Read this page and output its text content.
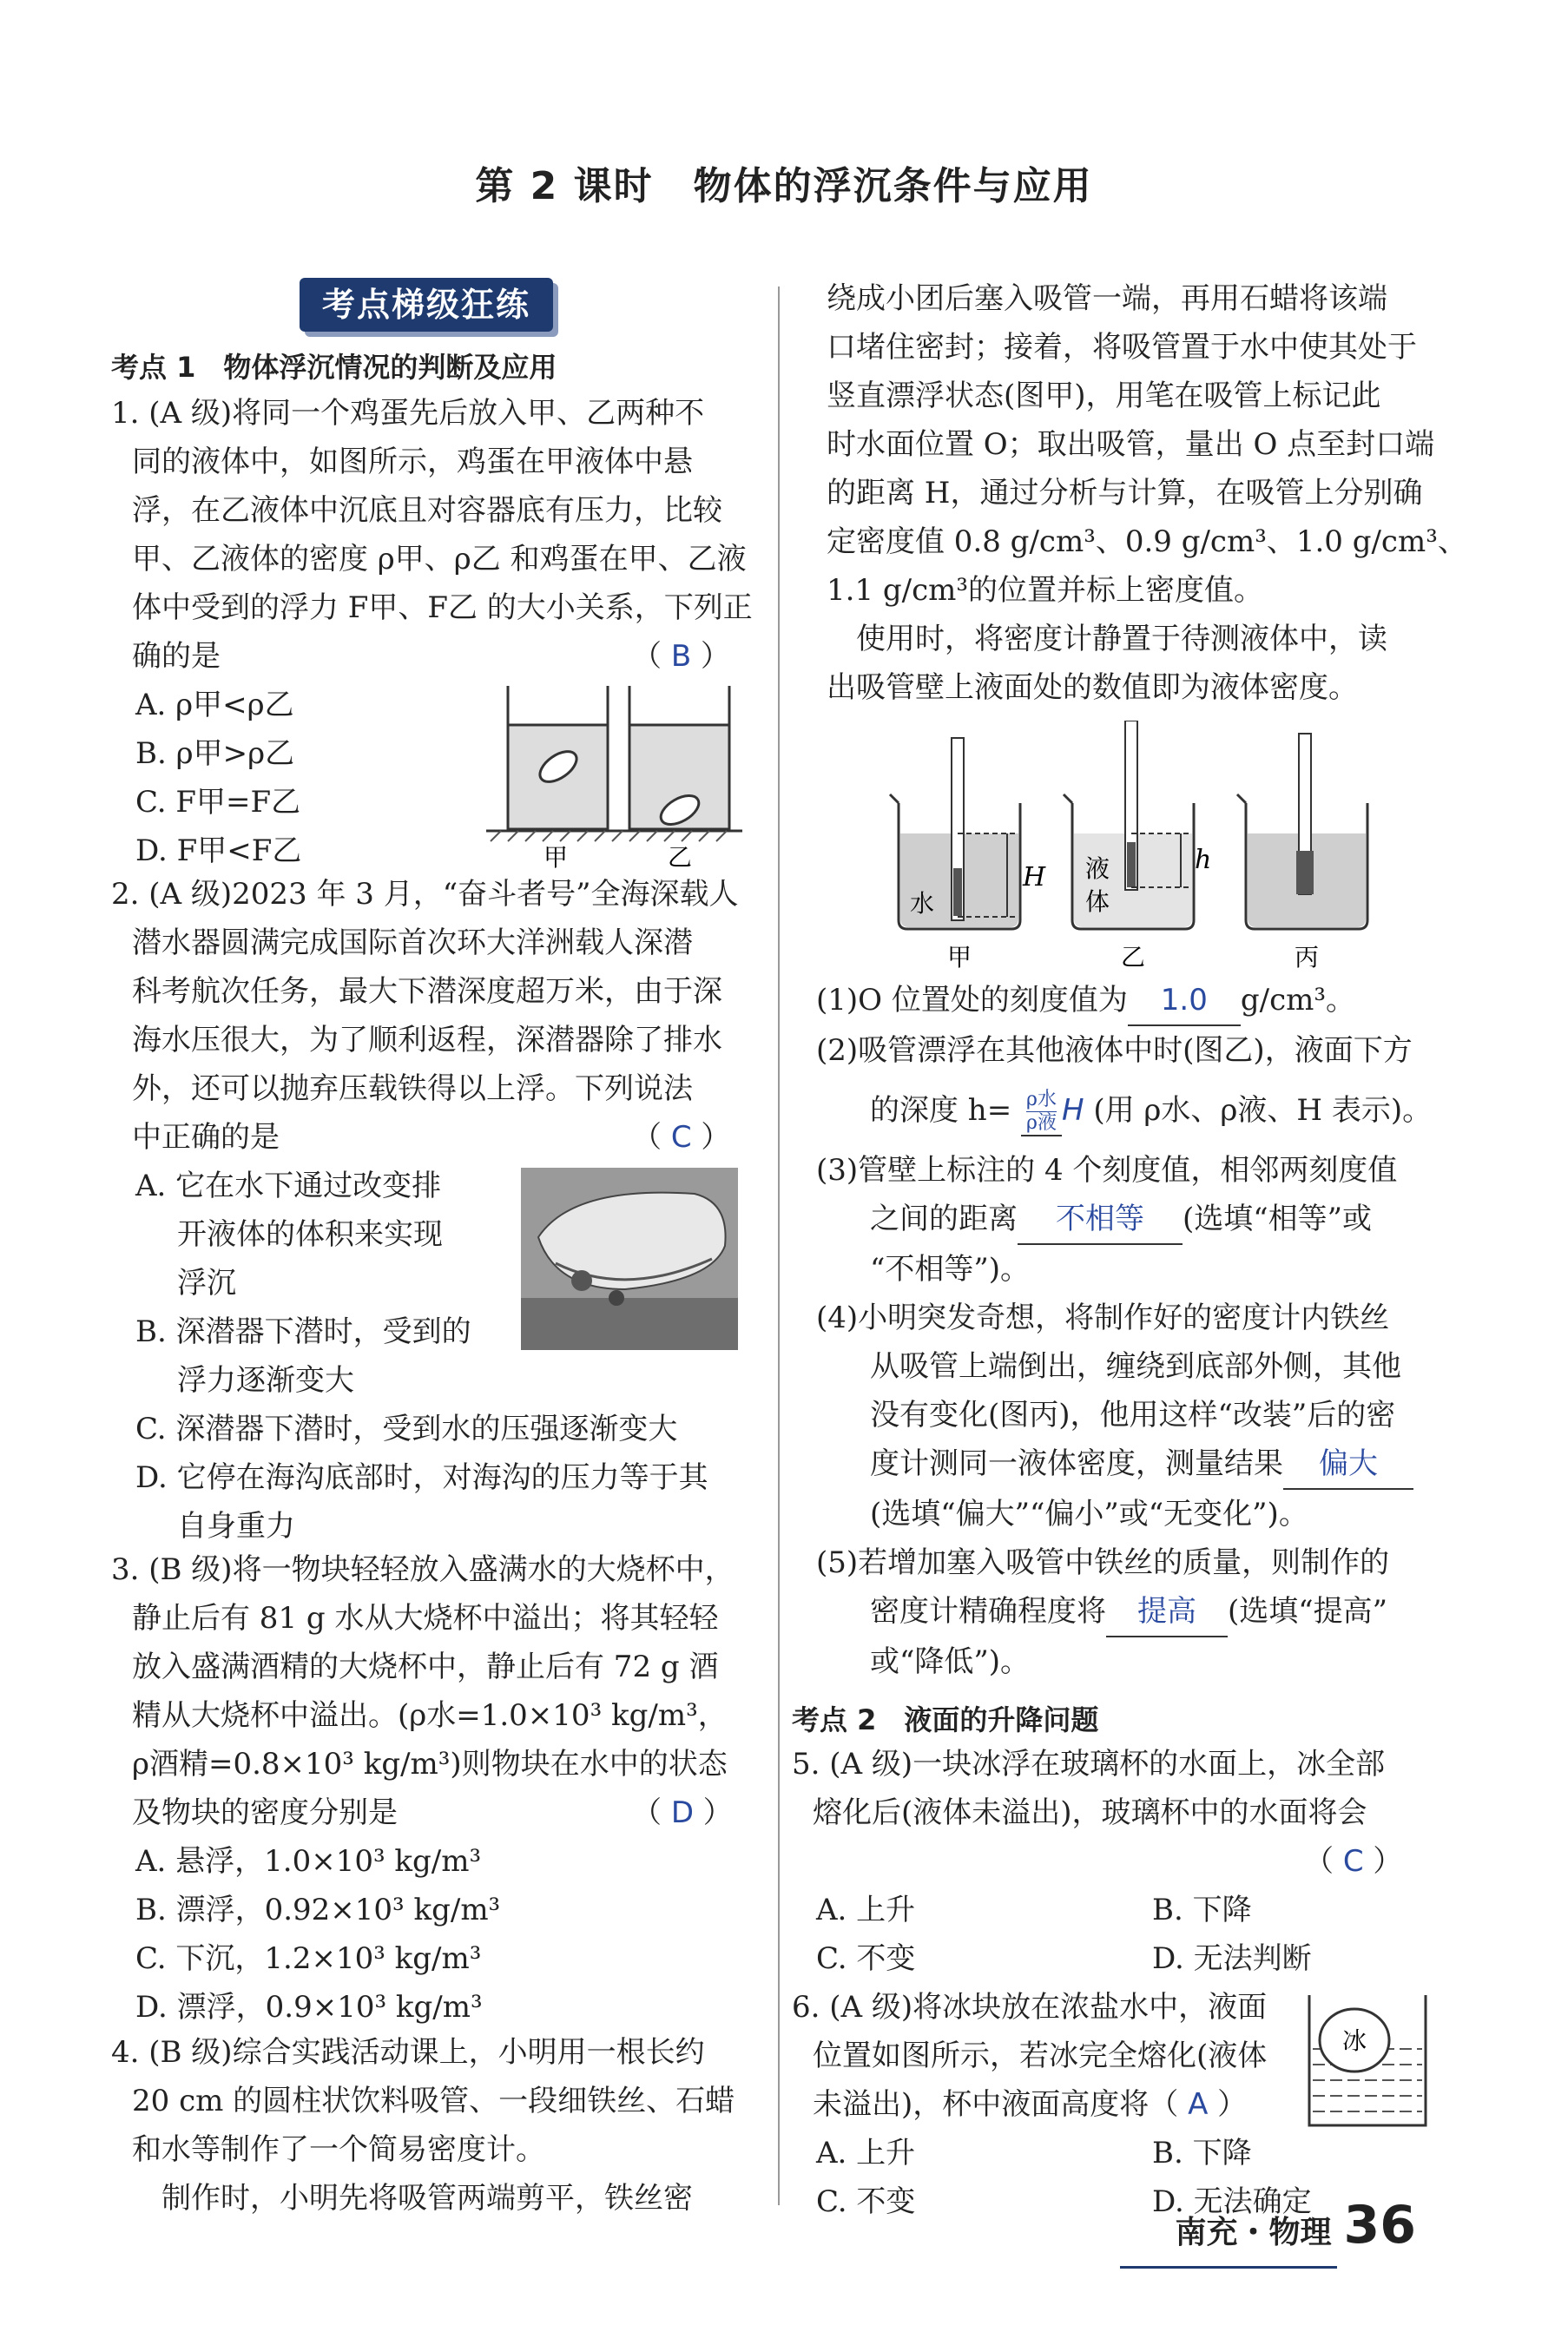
第 2 课时　物体的浮沉条件与应用
考点梯级狂练
考点 1　物体浮沉情况的判断及应用
1. (A 级)将同一个鸡蛋先后放入甲、乙两种不
同的液体中，如图所示，鸡蛋在甲液体中悬
浮，在乙液体中沉底且对容器底有压力，比较
甲、乙液体的密度 ρ甲、ρ乙 和鸡蛋在甲、乙液
体中受到的浮力 F甲、F乙 的大小关系，下列正
确的是	（ B ）
A. ρ甲<ρ乙
B. ρ甲>ρ乙
C. F甲=F乙
D. F甲<F乙	甲	乙
2. (A 级)2023 年 3 月，“奋斗者号”全海深载人
潜水器圆满完成国际首次环大洋洲载人深潜
科考航次任务，最大下潜深度超万米，由于深
海水压很大，为了顺利返程，深潜器除了排水
外，还可以抛弃压载铁得以上浮。下列说法
中正确的是	（ C ）
A. 它在水下通过改变排
开液体的体积来实现
浮沉
B. 深潜器下潜时，受到的
浮力逐渐变大
C. 深潜器下潜时，受到水的压强逐渐变大
D. 它停在海沟底部时，对海沟的压力等于其
自身重力
3. (B 级)将一物块轻轻放入盛满水的大烧杯中，
静止后有 81 g 水从大烧杯中溢出；将其轻轻
放入盛满酒精的大烧杯中，静止后有 72 g 酒
精从大烧杯中溢出。(ρ水=1.0×10³ kg/m³，
ρ酒精=0.8×10³ kg/m³)则物块在水中的状态
及物块的密度分别是	（ D ）
A. 悬浮，1.0×10³ kg/m³
B. 漂浮，0.92×10³ kg/m³
C. 下沉，1.2×10³ kg/m³
D. 漂浮，0.9×10³ kg/m³
4. (B 级)综合实践活动课上，小明用一根长约
20 cm 的圆柱状饮料吸管、一段细铁丝、石蜡
和水等制作了一个简易密度计。
　制作时，小明先将吸管两端剪平，铁丝密
绕成小团后塞入吸管一端，再用石蜡将该端
口堵住密封；接着，将吸管置于水中使其处于
竖直漂浮状态(图甲)，用笔在吸管上标记此
时水面位置 O；取出吸管，量出 O 点至封口端
的距离 H，通过分析与计算，在吸管上分别确
定密度值 0.8 g/cm³、0.9 g/cm³、1.0 g/cm³、
1.1 g/cm³的位置并标上密度值。
　使用时，将密度计静置于待测液体中，读
出吸管壁上液面处的数值即为液体密度。
H
水
甲
h
液
体
乙	丙
(1)O 位置处的刻度值为 1.0 g/cm³。
(2)吸管漂浮在其他液体中时(图乙)，液面下方
的深度 h= ρ水
ρ液 H (用 ρ水、ρ液、H 表示)。
(3)管壁上标注的 4 个刻度值，相邻两刻度值
之间的距离 不相等 (选填“相等”或
“不相等”)。
(4)小明突发奇想，将制作好的密度计内铁丝
从吸管上端倒出，缠绕到底部外侧，其他
没有变化(图丙)，他用这样“改装”后的密
度计测同一液体密度，测量结果 偏大
(选填“偏大”“偏小”或“无变化”)。
(5)若增加塞入吸管中铁丝的质量，则制作的
密度计精确程度将 提高 (选填“提高”
或“降低”)。
考点 2　液面的升降问题
5. (A 级)一块冰浮在玻璃杯的水面上，冰全部
熔化后(液体未溢出)，玻璃杯中的水面将会
（ C ）
A. 上升	B. 下降
C. 不变	D. 无法判断
6. (A 级)将冰块放在浓盐水中，液面
位置如图所示，若冰完全熔化(液体
未溢出)，杯中液面高度将（ A ）
A. 上升	B. 下降
C. 不变	D. 无法确定
冰
南充・物理 36
